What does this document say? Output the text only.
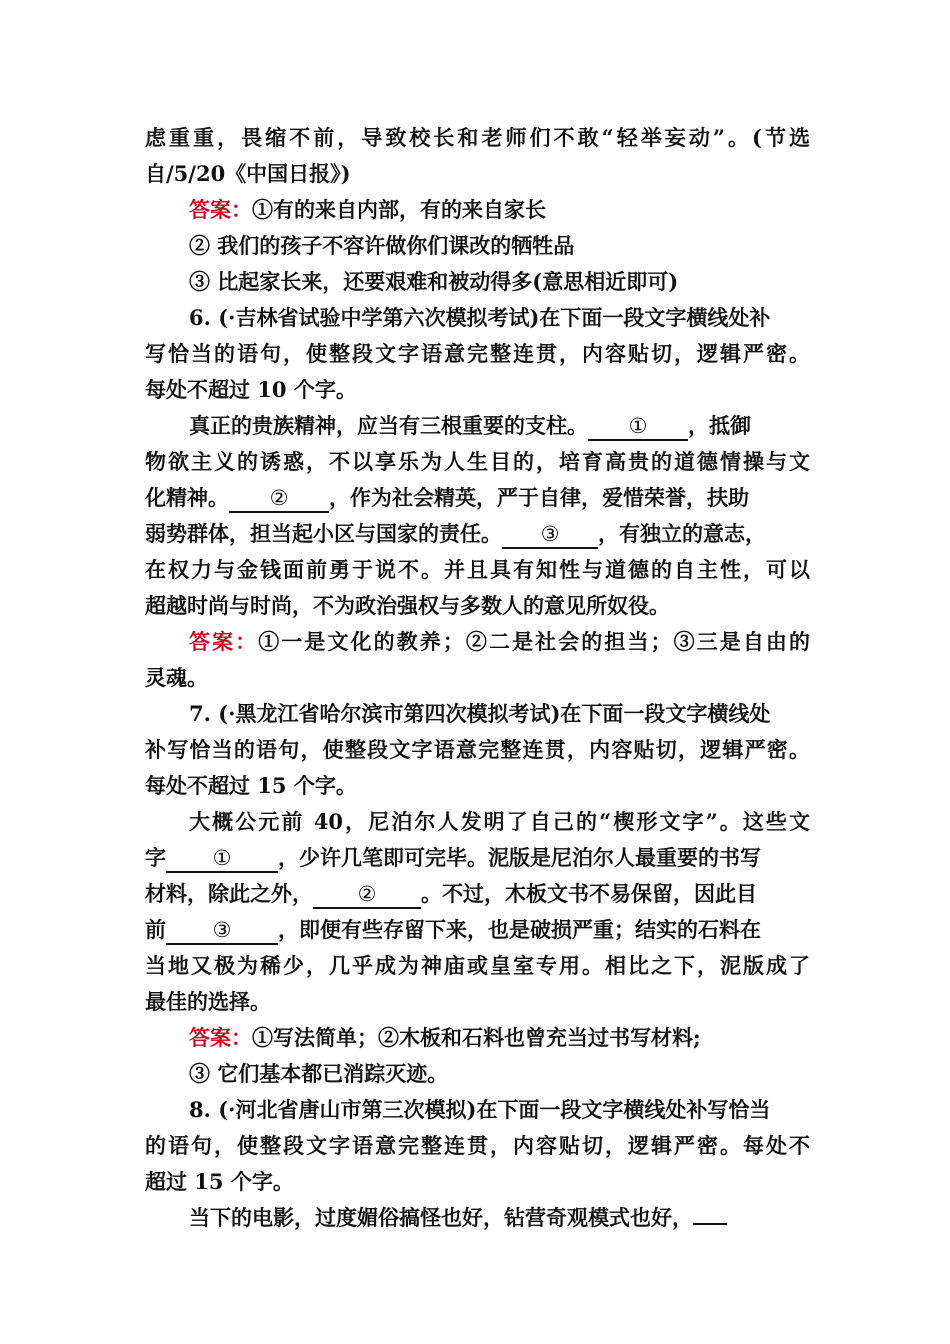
虑重重，畏缩不前，导致校长和老师们不敢“轻举妄动”。(节选
自/5/20《中国日报》)
答案：①有的来自内部，有的来自家长
② 我们的孩子不容许做你们课改的牺牲品
③ 比起家长来，还要艰难和被动得多(意思相近即可)
6. (·吉林省试验中学第六次模拟考试)在下面一段文字横线处补
写恰当的语句，使整段文字语意完整连贯，内容贴切，逻辑严密。
每处不超过 10 个字。
真正的贵族精神，应当有三根重要的支柱。 ① ，抵御
物欲主义的诱惑，不以享乐为人生目的，培育高贵的道德情操与文
化精神。 ② ，作为社会精英，严于自律，爱惜荣誉，扶助
弱势群体，担当起小区与国家的责任。 ③ ，有独立的意志，
在权力与金钱面前勇于说不。并且具有知性与道德的自主性，可以
超越时尚与时尚，不为政治强权与多数人的意见所奴役。
答案：①一是文化的教养；②二是社会的担当；③三是自由的
灵魂。
7. (·黑龙江省哈尔滨市第四次模拟考试)在下面一段文字横线处
补写恰当的语句，使整段文字语意完整连贯，内容贴切，逻辑严密。
每处不超过 15 个字。
大概公元前 40，尼泊尔人发明了自己的“楔形文字”。这些文
字 ① ，少许几笔即可完毕。泥版是尼泊尔人最重要的书写
材料，除此之外， ② 。不过，木板文书不易保留，因此目
前 ③ ，即便有些存留下来，也是破损严重；结实的石料在
当地又极为稀少，几乎成为神庙或皇室专用。相比之下，泥版成了
最佳的选择。
答案：①写法简单；②木板和石料也曾充当过书写材料;
③ 它们基本都已消踪灭迹。
8. (·河北省唐山市第三次模拟)在下面一段文字横线处补写恰当
的语句，使整段文字语意完整连贯，内容贴切，逻辑严密。每处不
超过 15 个字。
当下的电影，过度媚俗搞怪也好，钻营奇观模式也好，
